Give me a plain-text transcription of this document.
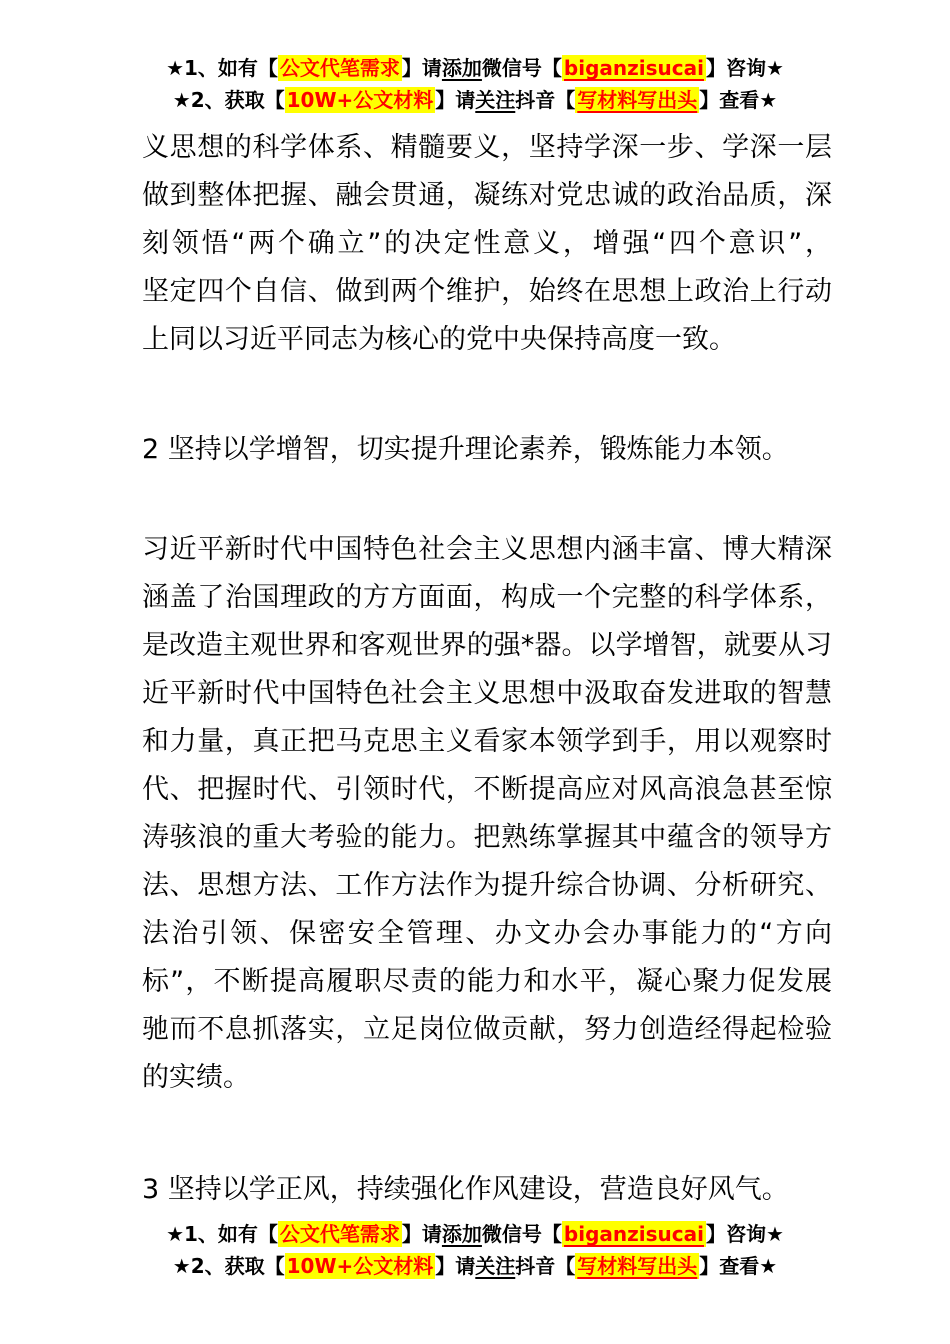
★1、如有【 公文代笔需求 】请添加微信号【 biganzisucai 】咨询★
★2、获取【 10W+公文材料 】请关注抖音【 写材料写出头 】查看★
义思想的科学体系、精髓要义，坚持学深一步、学深一层
做到整体把握、融会贯通，凝练对党忠诚的政治品质，深
刻领悟“两个确立”的决定性意义，增强“四个意识”，
坚定四个自信、做到两个维护，始终在思想上政治上行动
上同以习近平同志为核心的党中央保持高度一致。
2 坚持以学增智，切实提升理论素养，锻炼能力本领。
习近平新时代中国特色社会主义思想内涵丰富、博大精深
涵盖了治国理政的方方面面，构成一个完整的科学体系，
是改造主观世界和客观世界的强*器。以学增智，就要从习
近平新时代中国特色社会主义思想中汲取奋发进取的智慧
和力量，真正把马克思主义看家本领学到手，用以观察时
代、把握时代、引领时代，不断提高应对风高浪急甚至惊
涛骇浪的重大考验的能力。把熟练掌握其中蕴含的领导方
法、思想方法、工作方法作为提升综合协调、分析研究、
法治引领、保密安全管理、办文办会办事能力的“方向
标”，不断提高履职尽责的能力和水平，凝心聚力促发展
驰而不息抓落实，立足岗位做贡献，努力创造经得起检验
的实绩。
3 坚持以学正风，持续强化作风建设，营造良好风气。
★1、如有【 公文代笔需求 】请添加微信号【 biganzisucai 】咨询★
★2、获取【 10W+公文材料 】请关注抖音【 写材料写出头 】查看★
